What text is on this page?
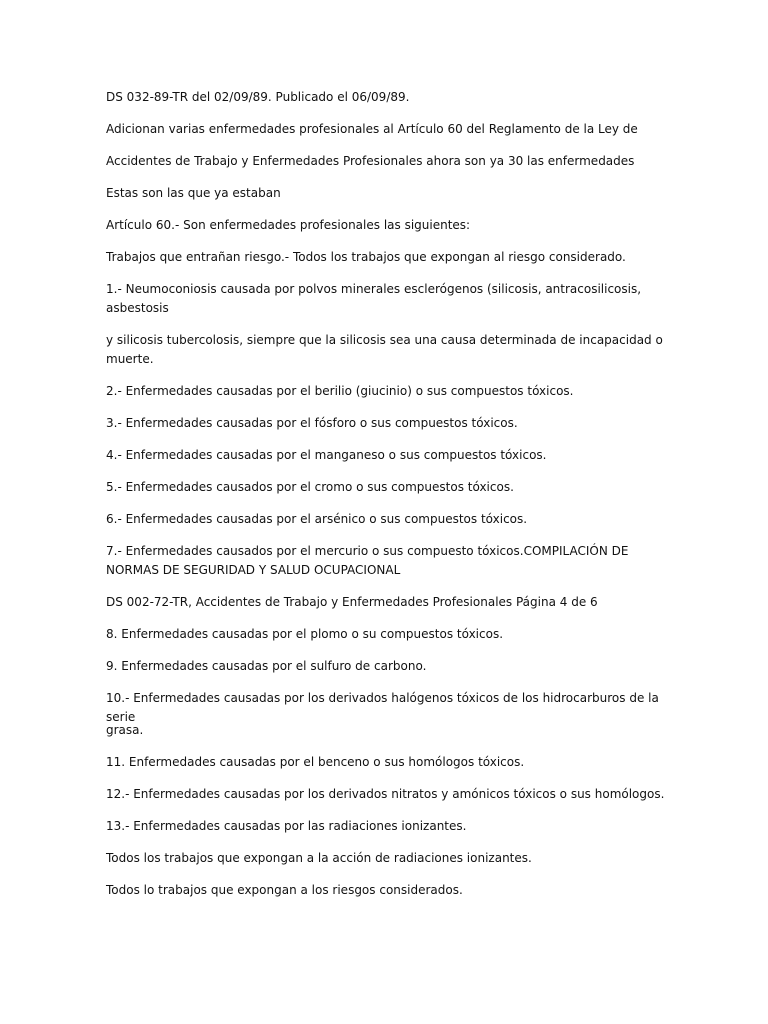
DS 032-89-TR del 02/09/89. Publicado el 06/09/89.

Adicionan varias enfermedades profesionales al Artículo 60 del Reglamento de la Ley de

Accidentes de Trabajo y Enfermedades Profesionales ahora son ya 30 las enfermedades

Estas son las que ya estaban

Artículo 60.- Son enfermedades profesionales las siguientes:

Trabajos que entrañan riesgo.- Todos los trabajos que expongan al riesgo considerado.

1.- Neumoconiosis causada por polvos minerales esclerógenos (silicosis, antracosilicosis, asbestosis

y silicosis tubercolosis, siempre que la silicosis sea una causa determinada de incapacidad o muerte.

2.- Enfermedades causadas por el berilio (giucinio) o sus compuestos tóxicos.

3.- Enfermedades causadas por el fósforo o sus compuestos tóxicos.

4.- Enfermedades causadas por el manganeso o sus compuestos tóxicos.

5.- Enfermedades causados por el cromo o sus compuestos tóxicos.

6.- Enfermedades causadas por el arsénico o sus compuestos tóxicos.

7.- Enfermedades causados por el mercurio o sus compuesto tóxicos.COMPILACIÓN DE NORMAS DE SEGURIDAD Y SALUD OCUPACIONAL

DS 002-72-TR, Accidentes de Trabajo y Enfermedades Profesionales Página 4 de 6

8. Enfermedades causadas por el plomo o su compuestos tóxicos.

9. Enfermedades causadas por el sulfuro de carbono.

10.- Enfermedades causadas por los derivados halógenos tóxicos de los hidrocarburos de la serie

grasa.

11. Enfermedades causadas por el benceno o sus homólogos tóxicos.

12.- Enfermedades causadas por los derivados nitratos y amónicos tóxicos o sus homólogos.

13.- Enfermedades causadas por las radiaciones ionizantes.

Todos los trabajos que expongan a la acción de radiaciones ionizantes.

Todos lo trabajos que expongan a los riesgos considerados.
